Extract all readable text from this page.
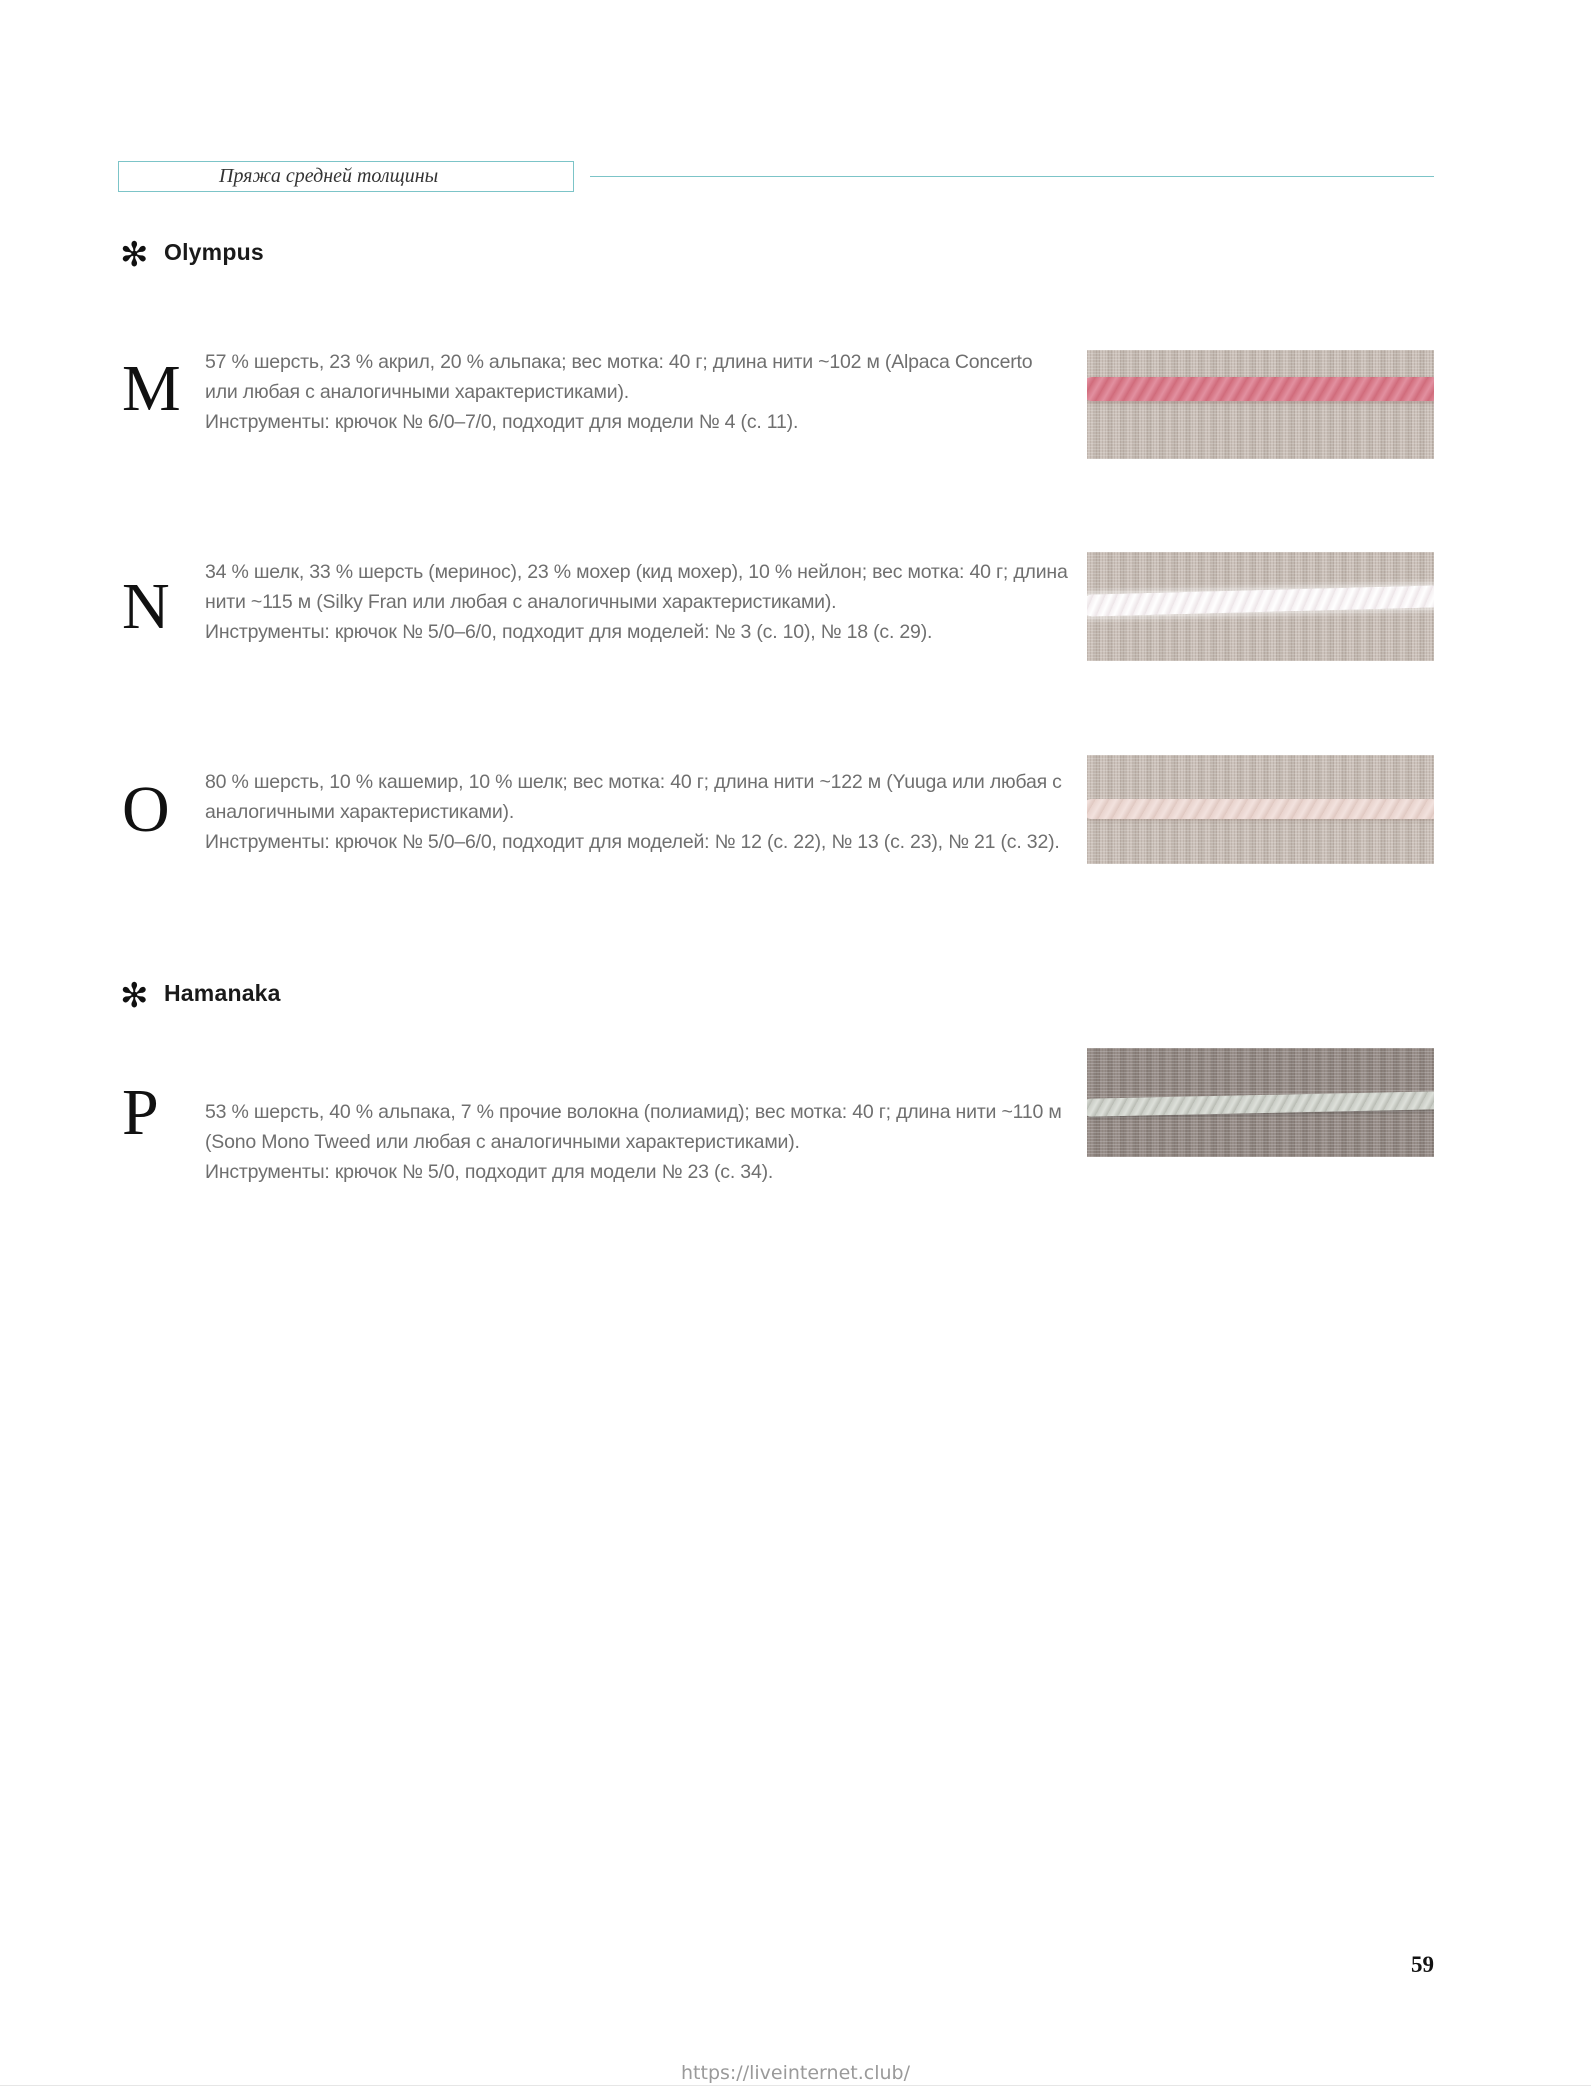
Пряжа средней толщины
✻ Olympus
M 57 % шерсть, 23 % акрил, 20 % альпака; вес мотка: 40 г; длина нити ~102 м (Alpaca Concerto или любая с аналогичными характеристиками).

Инструменты: крючок № 6/0–7/0, подходит для модели № 4 (с. 11).

N	34 % шелк, 33 % шерсть (меринос), 23 % мохер (кид мохер), 10 % нейлон; вес мотка: 40 г; длина нити ~115 м (Silky Fran или любая с аналогичными характеристиками).

Инструменты: крючок № 5/0–6/0, подходит для моделей: № 3 (с. 10), № 18 (с. 29).

O	80 % шерсть, 10 % кашемир, 10 % шелк; вес мотка: 40 г; длина нити ~122 м (Yuuga или любая с аналогичными характеристиками).

Инструменты: крючок № 5/0–6/0, подходит для моделей: № 12 (с. 22), № 13 (с. 23), № 21 (с. 32).

✻ Hamanaka
P	53 % шерсть, 40 % альпака, 7 % прочие волокна (полиамид); вес мотка: 40 г; длина нити ~110 м (Sono Mono Tweed или любая с аналогичными характеристиками).

Инструменты: крючок № 5/0, подходит для модели № 23 (с. 34).

59
https://liveinternet.club/
